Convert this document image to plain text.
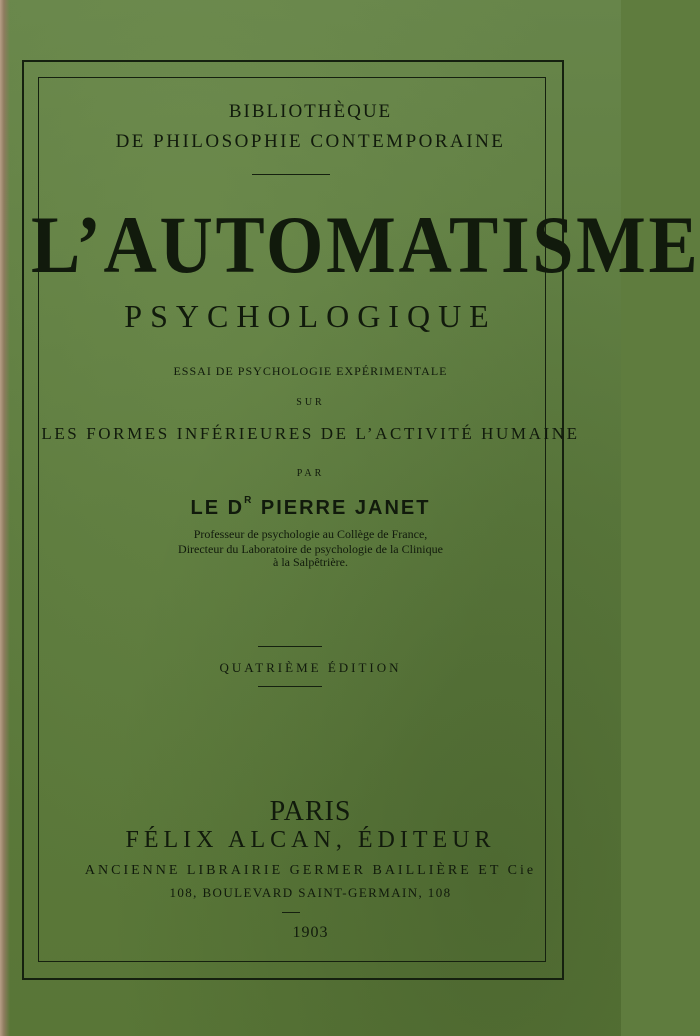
BIBLIOTHÈQUE
DE PHILOSOPHIE CONTEMPORAINE
L’AUTOMATISME
PSYCHOLOGIQUE
ESSAI DE PSYCHOLOGIE EXPÉRIMENTALE
SUR
LES FORMES INFÉRIEURES DE L’ACTIVITÉ HUMAINE
PAR
LE $D^R$ PIERRE JANET
Professeur de psychologie au Collège de France,
Directeur du Laboratoire de psychologie de la Clinique
à la Salpêtrière.
QUATRIÈME ÉDITION
PARIS
FÉLIX ALCAN, ÉDITEUR
ANCIENNE LIBRAIRIE GERMER BAILLIÈRE ET Cie
108, BOULEVARD SAINT-GERMAIN, 108
1903
